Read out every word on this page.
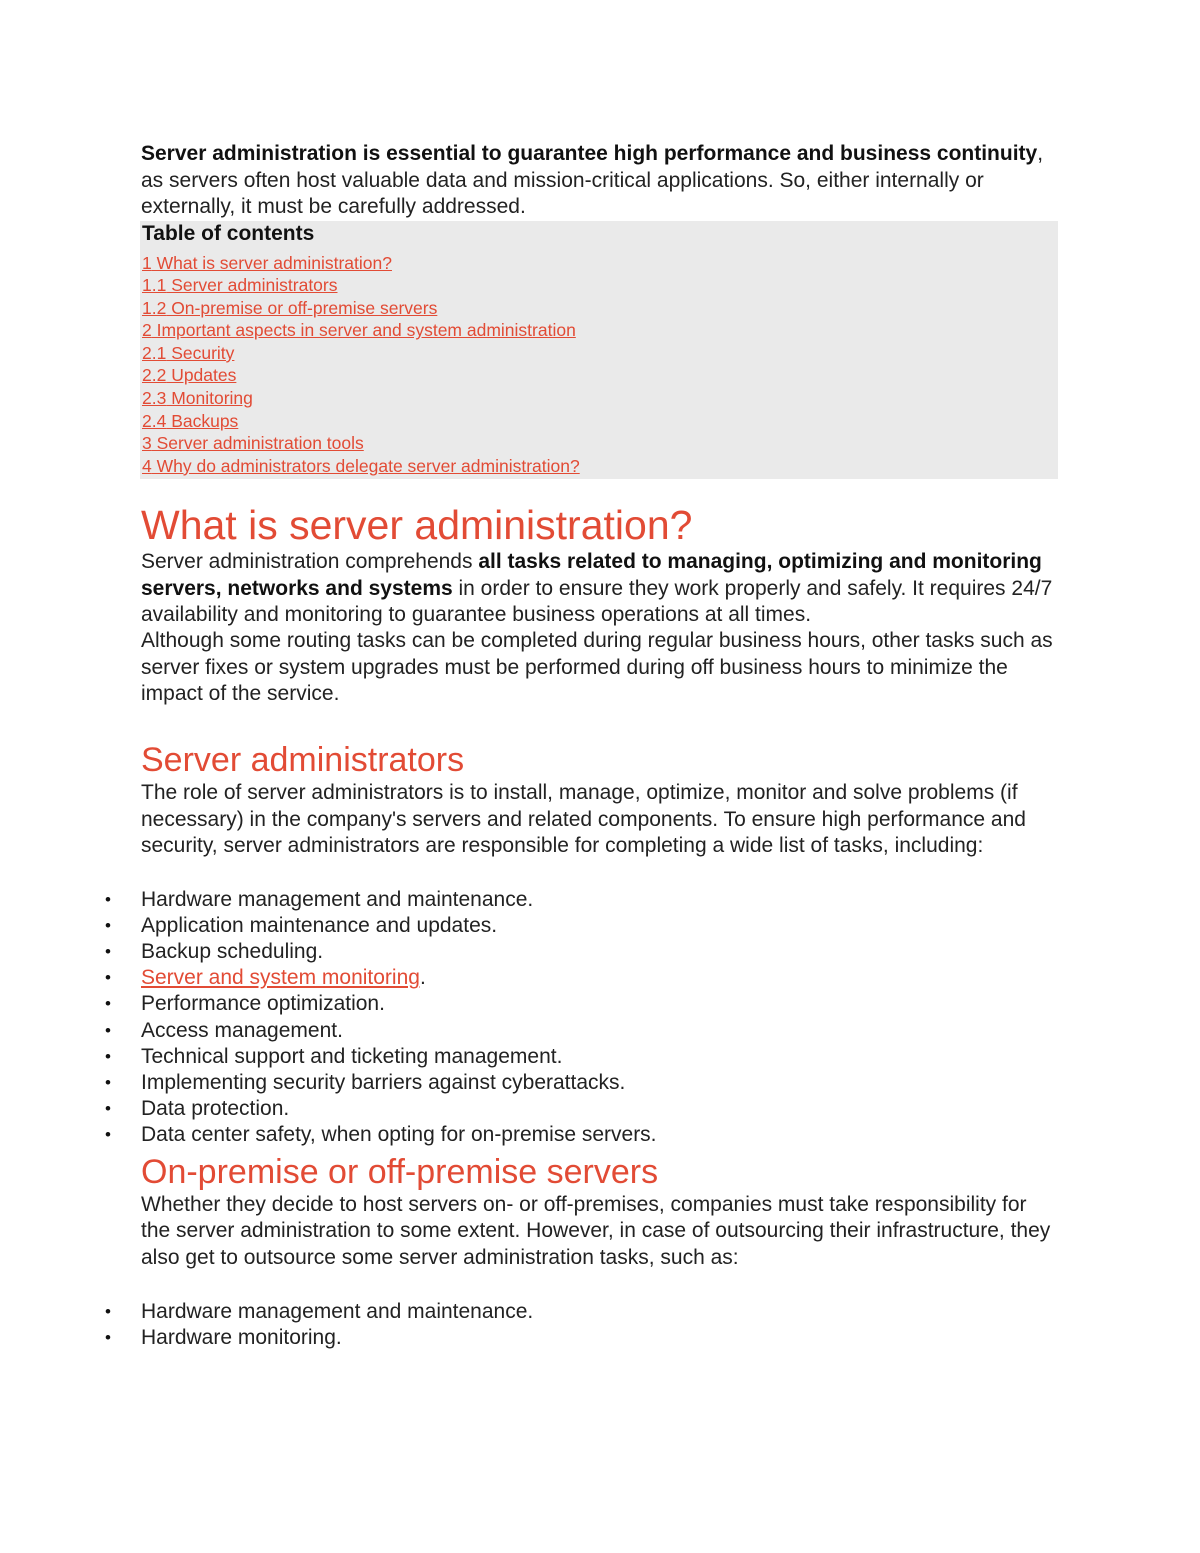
Server administration is essential to guarantee high performance and business continuity, as servers often host valuable data and mission-critical applications. So, either internally or externally, it must be carefully addressed.

Table of contents
1 What is server administration?
1.1 Server administrators
1.2 On-premise or off-premise servers
2 Important aspects in server and system administration
2.1 Security
2.2 Updates
2.3 Monitoring
2.4 Backups
3 Server administration tools
4 Why do administrators delegate server administration?
What is server administration?

Server administration comprehends all tasks related to managing, optimizing and monitoring servers, networks and systems in order to ensure they work properly and safely. It requires 24/7 availability and monitoring to guarantee business operations at all times.

Although some routing tasks can be completed during regular business hours, other tasks such as server fixes or system upgrades must be performed during off business hours to minimize the impact of the service.

Server administrators

The role of server administrators is to install, manage, optimize, monitor and solve problems (if necessary) in the company's servers and related components. To ensure high performance and security, server administrators are responsible for completing a wide list of tasks, including:

• Hardware management and maintenance.
• Application maintenance and updates.
• Backup scheduling.
• Server and system monitoring.
• Performance optimization.
• Access management.
• Technical support and ticketing management.
• Implementing security barriers against cyberattacks.
• Data protection.
• Data center safety, when opting for on-premise servers.
On-premise or off-premise servers

Whether they decide to host servers on- or off-premises, companies must take responsibility for the server administration to some extent. However, in case of outsourcing their infrastructure, they also get to outsource some server administration tasks, such as:

• Hardware management and maintenance.
• Hardware monitoring.
